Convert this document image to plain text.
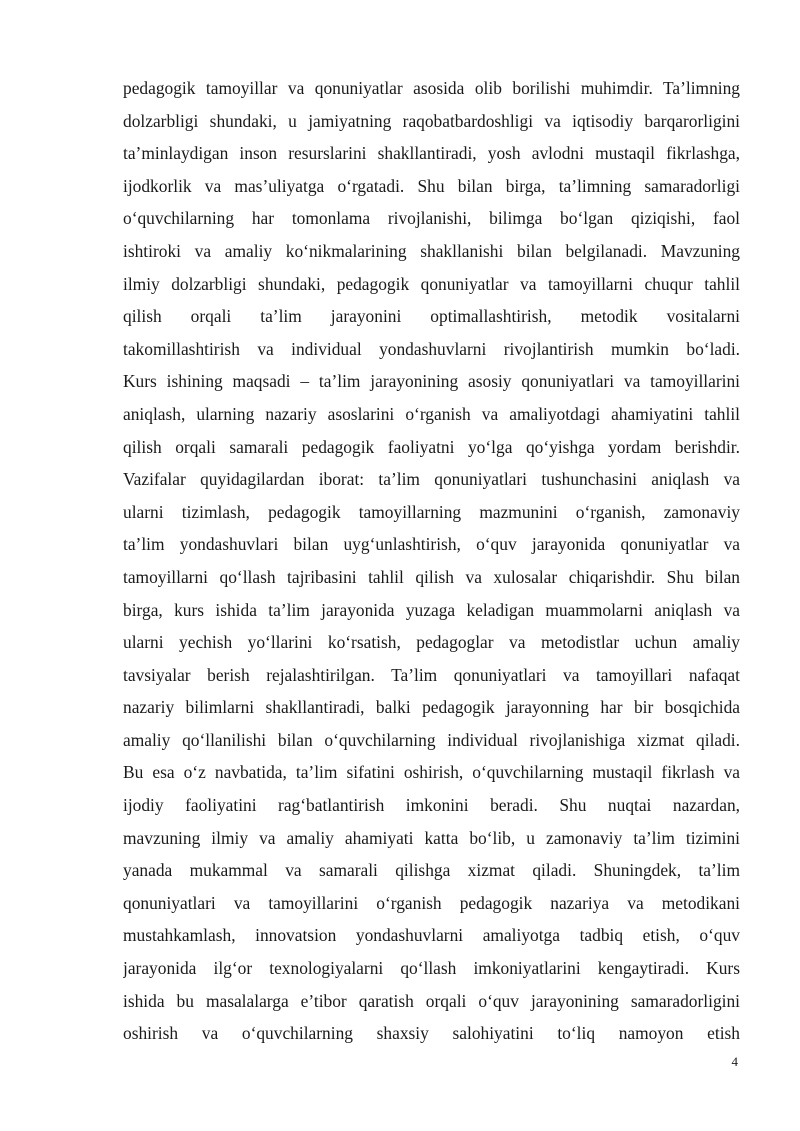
pedagogik tamoyillar va qonuniyatlar asosida olib borilishi muhimdir. Ta’limning
dolzarbligi shundaki, u jamiyatning raqobatbardoshligi va iqtisodiy barqarorligini
ta’minlaydigan inson resurslarini shakllantiradi, yosh avlodni mustaqil fikrlashga,
ijodkorlik va mas’uliyatga o‘rgatadi. Shu bilan birga, ta’limning samaradorligi
o‘quvchilarning har tomonlama rivojlanishi, bilimga bo‘lgan qiziqishi, faol
ishtiroki va amaliy ko‘nikmalarining shakllanishi bilan belgilanadi. Mavzuning
ilmiy dolzarbligi shundaki, pedagogik qonuniyatlar va tamoyillarni chuqur tahlil
qilish orqali ta’lim jarayonini optimallashtirish, metodik vositalarni
takomillashtirish va individual yondashuvlarni rivojlantirish mumkin bo‘ladi.
Kurs ishining maqsadi – ta’lim jarayonining asosiy qonuniyatlari va tamoyillarini
aniqlash, ularning nazariy asoslarini o‘rganish va amaliyotdagi ahamiyatini tahlil
qilish orqali samarali pedagogik faoliyatni yo‘lga qo‘yishga yordam berishdir.
Vazifalar quyidagilardan iborat: ta’lim qonuniyatlari tushunchasini aniqlash va
ularni tizimlash, pedagogik tamoyillarning mazmunini o‘rganish, zamonaviy
ta’lim yondashuvlari bilan uyg‘unlashtirish, o‘quv jarayonida qonuniyatlar va
tamoyillarni qo‘llash tajribasini tahlil qilish va xulosalar chiqarishdir. Shu bilan
birga, kurs ishida ta’lim jarayonida yuzaga keladigan muammolarni aniqlash va
ularni yechish yo‘llarini ko‘rsatish, pedagoglar va metodistlar uchun amaliy
tavsiyalar berish rejalashtirilgan. Ta’lim qonuniyatlari va tamoyillari nafaqat
nazariy bilimlarni shakllantiradi, balki pedagogik jarayonning har bir bosqichida
amaliy qo‘llanilishi bilan o‘quvchilarning individual rivojlanishiga xizmat qiladi.
Bu esa o‘z navbatida, ta’lim sifatini oshirish, o‘quvchilarning mustaqil fikrlash va
ijodiy faoliyatini rag‘batlantirish imkonini beradi. Shu nuqtai nazardan,
mavzuning ilmiy va amaliy ahamiyati katta bo‘lib, u zamonaviy ta’lim tizimini
yanada mukammal va samarali qilishga xizmat qiladi. Shuningdek, ta’lim
qonuniyatlari va tamoyillarini o‘rganish pedagogik nazariya va metodikani
mustahkamlash, innovatsion yondashuvlarni amaliyotga tadbiq etish, o‘quv
jarayonida ilg‘or texnologiyalarni qo‘llash imkoniyatlarini kengaytiradi. Kurs
ishida bu masalalarga e’tibor qaratish orqali o‘quv jarayonining samaradorligini
oshirish va o‘quvchilarning shaxsiy salohiyatini to‘liq namoyon etish
4
